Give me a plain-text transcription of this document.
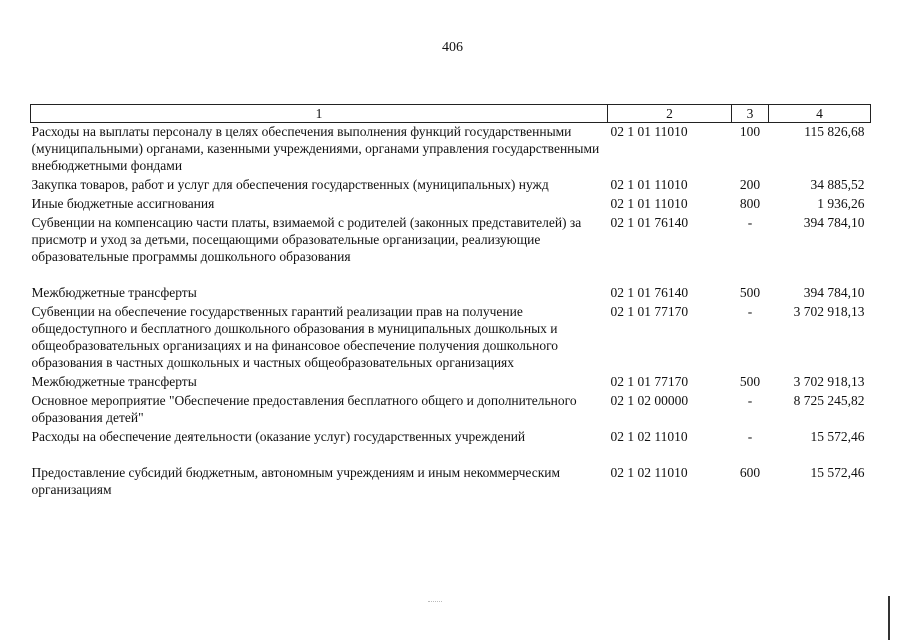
406
1	2	3	4
Расходы на выплаты персоналу в целях обеспечения выполнения функций государственными (муниципальными) органами, казенными учреждениями, органами управления государственными внебюджетными фондами	02 1 01 11010	100	115 826,68
Закупка товаров, работ и услуг для обеспечения государственных (муниципальных) нужд	02 1 01 11010	200	34 885,52
Иные бюджетные ассигнования	02 1 01 11010	800	1 936,26
Субвенции на компенсацию части платы, взимаемой с родителей (законных представителей) за присмотр и уход за детьми, посещающими образовательные организации, реализующие образовательные программы дошкольного образования	02 1 01 76140	-	394 784,10
Межбюджетные трансферты	02 1 01 76140	500	394 784,10
Субвенции на обеспечение государственных гарантий реализации прав на получение общедоступного и бесплатного дошкольного образования в муниципальных дошкольных и общеобразовательных организациях и на финансовое обеспечение получения дошкольного образования в частных дошкольных и частных общеобразовательных организациях	02 1 01 77170	-	3 702 918,13
Межбюджетные трансферты	02 1 01 77170	500	3 702 918,13
Основное мероприятие "Обеспечение предоставления бесплатного общего и дополнительного образования детей"	02 1 02 00000	-	8 725 245,82
Расходы на обеспечение деятельности (оказание услуг) государственных учреждений	02 1 02 11010	-	15 572,46
Предоставление субсидий бюджетным, автономным учреждениям и иным некоммерческим организациям	02 1 02 11010	600	15 572,46
